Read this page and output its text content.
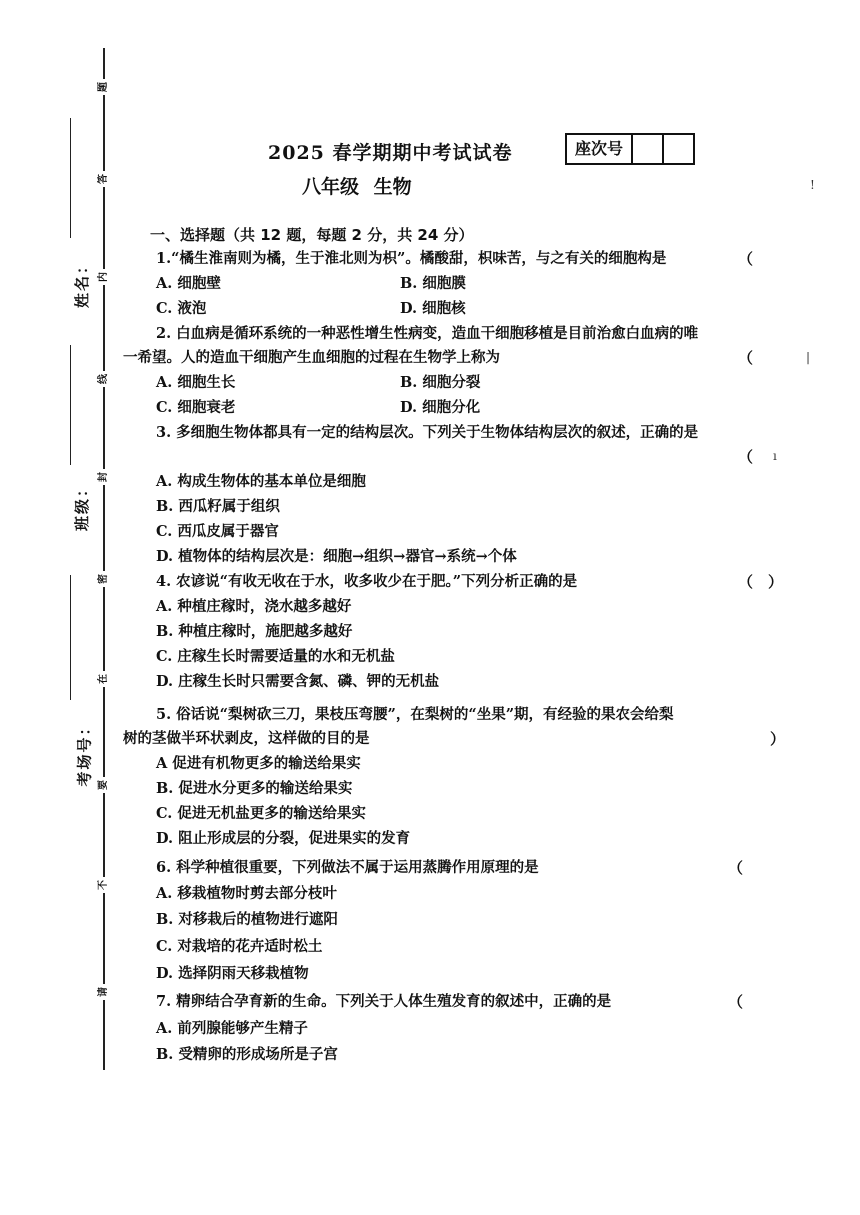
题
答
内
线
封
密
在
要
不
请
姓名：
班级：
考场号：
2025 春学期期中考试试卷	座次号
八年级 生物	!
一、选择题（共 12 题，每题 2 分，共 24 分）
1.“橘生淮南则为橘，生于淮北则为枳”。橘酸甜，枳味苦，与之有关的细胞构是	（
A. 细胞壁	B. 细胞膜
C. 液泡	D. 细胞核
2. 白血病是循环系统的一种恶性增生性病变，造血干细胞移植是目前治愈白血病的唯
一希望。人的造血干细胞产生血细胞的过程在生物学上称为	（	|
A. 细胞生长	B. 细胞分裂
C. 细胞衰老	D. 细胞分化
3. 多细胞生物体都具有一定的结构层次。下列关于生物体结构层次的叙述，正确的是
（ ı
A. 构成生物体的基本单位是细胞
B. 西瓜籽属于组织
C. 西瓜皮属于器官
D. 植物体的结构层次是：细胞→组织→器官→系统→个体
4. 农谚说“有收无收在于水，收多收少在于肥。”下列分析正确的是	（　）
A. 种植庄稼时，浇水越多越好
B. 种植庄稼时，施肥越多越好
C. 庄稼生长时需要适量的水和无机盐
D. 庄稼生长时只需要含氮、磷、钾的无机盐
5. 俗话说“梨树砍三刀，果枝压弯腰”，在梨树的“坐果”期，有经验的果农会给梨
树的茎做半环状剥皮，这样做的目的是	）
A 促进有机物更多的输送给果实
B. 促进水分更多的输送给果实
C. 促进无机盐更多的输送给果实
D. 阻止形成层的分裂，促进果实的发育
6. 科学种植很重要，下列做法不属于运用蒸腾作用原理的是	（
A. 移栽植物时剪去部分枝叶
B. 对移栽后的植物进行遮阳
C. 对栽培的花卉适时松土
D. 选择阴雨天移栽植物
7. 精卵结合孕育新的生命。下列关于人体生殖发育的叙述中，正确的是	（
A. 前列腺能够产生精子
B. 受精卵的形成场所是子宫
